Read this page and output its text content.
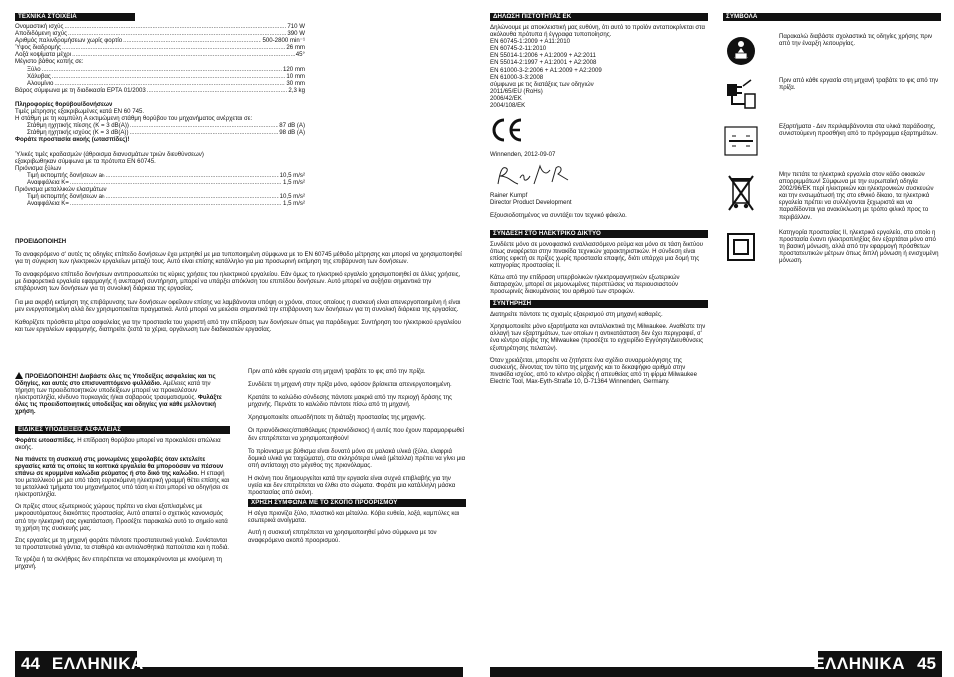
ΤΕΧΝΙΚΑ ΣΤΟΙΧΕΙΑ
Ονομαστική ισχύς .....	710 W
Αποδιδόμενη ισχύς .....	390 W
Αριθμός παλινδρομήσεων χωρίς φορτίο .....	500-2800 min⁻¹
Ύψος διαδρομής .....	26 mm
Λοξά κοψίματα μέχρι .....	45°
Μέγιστο βάθος κοπής σε:
Ξύλο .....	120 mm
Χάλυβας .....	10 mm
Αλουμίνιο .....	30 mm
Βάρος σύμφωνα με τη διαδικασία EPTA 01/2003 .....	2,3 kg
Πληροφορίες θορύβου/δονήσεων
Τιμές μέτρησης εξακριβωμένες κατά EN 60 745.
Η στάθμη με τη καμπύλη A εκτιμώμενη στάθμη θορύβου του μηχανήματος ανέρχεται σε:
Στάθμη ηχητικής πίεσης (K = 3 dB(A)) .....	87 dB (A)
Στάθμη ηχητικής ισχύος (K = 3 dB(A)) .....	98 dB (A)
Φοράτε προστασία ακοής (ωτασπίδες)!
Ύλικές τιμές κραδασμών (άθροισμα διανυσμάτων τριών διευθύνσεων) εξακριβωθηκαν σύμφωνα με τα πρότυπα EN 60745.
Πριόνισμα ξύλων
Τιμή εκπομπής δονήσεων a h .....	10,5 m/s²
Αναφφάλεια K= .....	1,5 m/s²
Πριόνισμα μεταλλικών ελασμάτων
Τιμή εκπομπής δονήσεων a h .....	10,5 m/s²
Αναφφάλεια K= .....	1,5 m/s²
ΠΡΟΕΙΔΟΠΟΙΗΣΗ
Το αναφερόμενο σ' αυτές τις οδηγίες επίπεδο δονήσεων έχει μετρηθεί με μια τυποποιημένη σύμφωνα με το EN 60745 μέθοδο μέτρησης και μπορεί να χρησιμοποιηθεί για τη σύγκριση των ηλεκτρικών εργαλείων μεταξύ τους. Αυτό είναι επίσης κατάλληλο για μια προσωρινή εκτίμηση της επιβάρυνση των δονήσεων.
Το αναφερόμενο επίπεδο δονήσεων αντιπροσωπεύει τις κύριες χρήσεις του ηλεκτρικού εργαλείου. Εάν όμως το ηλεκτρικό εργαλείο χρησιμοποιηθεί σε άλλες χρήσεις, με διαφορετικά εργαλεία εφαρμογής ή ανεπαρκή συντήρηση, μπορεί να υπάρξει απόκλιση του επιπέδου δονήσεων. Αυτό μπορεί να αυξήσει σημαντικά την επιβάρυνση των δονήσεων για τη συνολική διάρκεια της εργασίας.
Για μια ακριβή εκτίμηση της επιβάρυνσης των δονήσεων οφείλουν επίσης να λαμβάνονται υπόψη οι χρόνοι, στους οποίους η συσκευή είναι απενεργοποιημένη ή είναι μεν ενεργοποιημένη αλλά δεν χρησιμοποιείται πραγματικά. Αυτό μπορεί να μειώσει σημαντικά την επιβάρυνση των δονήσεων για τη συνολική διάρκεια της εργασίας.
Καθορίζετε πρόσθετα μέτρα ασφαλείας για την προστασία του χειριστή από την επίδραση των δονήσεων όπως για παράδειγμα: Συντήρηση του ηλεκτρικού εργαλείου και των εργαλείων εφαρμογής, διατηρείτε ζεστά τα χέρια, οργάνωση των διαδικασιών εργασίας.
ΠΡΟΕΙΔΟΠΟΙΗΣΗ! Διαβάστε όλες τις Υποδείξεις ασφαλείας και τις Οδηγίες, και αυτές στο επισυναπτόμενο φυλλάδιο. Αμέλειες κατά την τήρηση των προειδοποιητικών υποδείξεων μπορεί να προκαλέσουν ηλεκτροπληξία, κίνδυνο πυρκαγιάς ή/και σοβαρούς τραυματισμούς. Φυλάξτε όλες τις προειδοποιητικές υποδείξεις και οδηγίες για κάθε μελλοντική χρήση.
ΕΙΔΙΚΕΣ ΥΠΟΔΕΙΞΕΙΣ ΑΣΦΑΛΕΙΑΣ
Φοράτε ωτοασπίδες. Η επίδραση θορύβου μπορεί να προκαλέσει απώλεια ακοής.
Να πιάνετε τη συσκευή στις μονωμένες χειρολαβές όταν εκτελείτε εργασίες κατά τις οποίες τα κοπτικά εργαλεία θα μπορούσαν να πέσουν επάνω σε κρυμμένα καλώδια ρεύματος ή στο δικό της καλώδιο. Η επαφή του μεταλλικού με μια υπό τάση ευρισκόμενη ηλεκτρική γραμμή θέτει επίσης και τα μεταλλικά τμήματα του μηχανήματος υπό τάση κι έτσι μπορεί να οδηγήσει σε ηλεκτροπληξία.
Οι πρίζες στους εξωτερικούς χώρους πρέπει να είναι εξοπλισμένες με μικροαυτόματους διακόπτες προστασίας. Αυτό απαιτεί ο σχετικός κανονισμός από την ηλεκτρική σας εγκατάσταση. Προσέξτε παρακαλώ αυτό το σημείο κατά τη χρήση της συσκευής μας.
Στις εργασίες με τη μηχανή φοράτε πάντοτε προστατευτικά γυαλιά. Συνίστανται τα προστατευτικά γάντια, τα σταθερά και αντιολισθητικά παπούτσια και η ποδιά.
Τα γρέζια ή τα σκλήθρες δεν επιτρέπεται να απομακρύνονται με κινούμενη τη μηχανή.
Πριν από κάθε εργασία στη μηχανή τραβάτε το φις από την πρίζα.
Συνδέετε τη μηχανή στην πρίζα μόνο, εφόσον βρίσκεται απενεργοποιημένη.
Κρατάτε το καλώδιο σύνδεσης πάντοτε μακριά από την περιοχή δράσης της μηχανής. Περνάτε το καλώδιο πάντοτε πίσω από τη μηχανή.
Χρησιμοποιείτε οπωσδήποτε τη διάταξη προστασίας της μηχανής.
Οι πριονόδισκες/σπαθόλαμες (πριονόδισκος) ή αυτές που έχουν παραμορφωθεί δεν επιτρέπεται να χρησιμοποιηθούν!
Το πρίονισμα με βύθισμα είναι δυνατό μόνο σε μαλακά υλικά (ξύλο, ελαφριά δομικά υλικά για τοιχώματα), στα σκληρότερα υλικά (μέταλλα) πρέπει να γίνει μια οπή αντίστοιχη στο μέγεθος της πριονόλαμας.
Η σκόνη που δημιουργείται κατά την εργασία είναι συχνά επιβλαβής για την υγεία και δεν επιτρέπεται να έλθει στο σώματα. Φοράτε μια κατάλληλη μάσκα προστασίας από σκόνη.
ΧΡΗΣΗ ΣΥΜΦΩΝΑ ΜΕ ΤΟ ΣΚΟΠΟ ΠΡΟΟΡΙΣΜΟΥ
Η σέγα πριονίζει ξύλο, πλαστικό και μέταλλο. Κόβει ευθεία, λοξά, καμπύλες και εσωτερικά ανοίγματα.
Αυτή η συσκευή επιτρέπεται να χρησιμοποιηθεί μόνο σύμφωνα με τον αναφερόμενο ακοπό προορισμού.
44 ΕΛΛΗΝΙΚΑ
ΔΗΛΩΣΗ ΠΙΣΤΟΤΗΤΑΣ ΕΚ
Δηλώνουμε με αποκλειστική μας ευθύνη, ότι αυτό το προϊόν ανταποκρίνεται στα ακόλουθα πρότυπα ή έγγραφα τυποποίησης.
EN 60745-1:2009 + A11:2010
EN 60745-2-11:2010
EN 55014-1:2006 + A1:2009 + A2:2011
EN 55014-2:1997 + A1:2001 + A2:2008
EN 61000-3-2:2006 + A1:2009 + A2:2009
EN 61000-3-3:2008
σύμφωνα με τις διατάξεις των οδηγιών
2011/65/EU (RoHs)
2006/42/EK
2004/108/EK
Winnenden, 2012-09-07
Rainer Kumpf
Director Product Development
Εξουσιοδοτημένος να συντάξει τον τεχνικό φάκελο.
ΣΥΝΔΕΣΗ ΣΤΟ ΗΛΕΚΤΡΙΚΟ ΔΙΚΤΥΟ
Συνδέετε μόνο σε μονοφασικό εναλλασσόμενο ρεύμα και μόνο σε τάση δικτύου όπως αναφέρεται στην πινακίδα τεχνικών χαρακτηριστικών. Η σύνδεση είναι επίσης εφικτή σε πρίζες χωρίς προστασία επαφής, διότι υπάρχει μια δομή της κατηγορίας προστασίας II.
Κάτω από την επίδραση υπερβολικών ηλεκτρομαγνητικών εξωτερικών διαταραχών, μπορεί σε μεμονωμένες περιπτώσεις να περιουσιαστούν προσωρινές διακυμάνσεις του αριθμού των στροφών.
ΣΥΝΤΗΡΗΣΗ
Διατηρείτε πάντοτε τις σχισμές εξαερισμού στη μηχανή καθαρές.
Χρησιμοποιείτε μόνο εξαρτήματα και ανταλλακτικά της Milwaukee. Αναθέστε την αλλαγή των εξαρτημάτων, των οποίων η αντικατάσταση δεν έχει περιγραφεί, σ' ένα κέντρο σέρβις της Milwaukee (προσέξτε το εγχειρίδιο Εγγύηση/Διευθύνσεις εξυπηρέτησης πελατών).
Όταν χρειάζεται, μπορείτε να ζητήσετε ένα σχέδιο συναρμολόγησης της συσκευής, δίνοντας τον τύπο της μηχανής και το δεκαψήφιο αριθμό στην πινακίδα ισχύος, από το κέντρο σέρβις ή απευθείας από τη φίρμα Milwaukee Electric Tool, Max-Eyth-Straße 10, D-71364 Winnenden, Germany.
ΣΥΜΒΟΛΑ
Παρακαλώ διαβάστε σχολαστικά τις οδηγίες χρήσης πριν από την έναρξη λειτουργίας.
Πριν από κάθε εργασία στη μηχανή τραβάτε το φις από την πρίζα.
Εξαρτήματα - Δεν περιλαμβάνονται στα υλικά παράδοσης, συνιστούμενη προσθήκη από το πρόγραμμα εξαρτημάτων.
Μην πετάτε τα ηλεκτρικά εργαλεία στον κάδο οικιακών απορριμμάτων! Σύμφωνα με την ευρωπαϊκή οδηγία 2002/96/ΕΚ περί ηλεκτρικών και ηλεκτρονικών συσκευών και την ενσωμάτωσή της στο εθνικό δίκαιο, τα ηλεκτρικά εργαλεία πρέπει να συλλέγονται ξεχωριστά και να παραδίδονται για ανακύκλωση με τρόπο φιλικό προς το περιβάλλον.
Κατηγορία προστασίας II, ηλεκτρικό εργαλείο, στο οποίο η προστασία έναντι ηλεκτροπληξίας δεν εξαρτάται μόνο από τη βασική μόνωση, αλλά από την εφαρμογή πρόσθετων προστατευτικών μέτρων όπως διπλή μόνωση ή ενισχυμένη μόνωση.
ΕΛΛΗΝΙΚΑ 45
